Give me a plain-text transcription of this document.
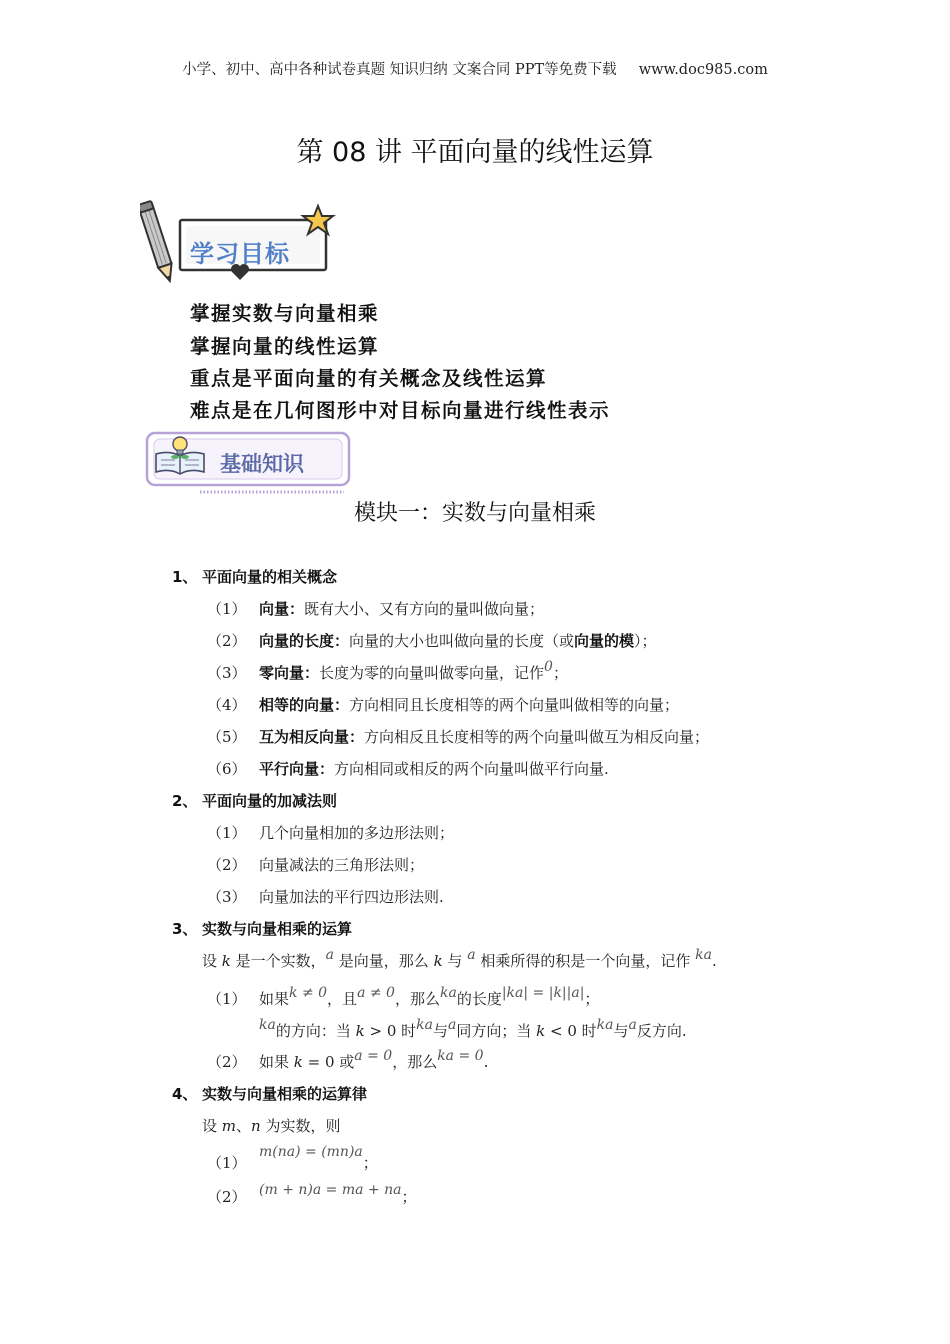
小学、初中、高中各种试卷真题 知识归纳 文案合同 PPT等免费下载 www.doc985.com
第 08 讲 平面向量的线性运算
学习目标
掌握实数与向量相乘
掌握向量的线性运算
重点是平面向量的有关概念及线性运算
难点是在几何图形中对目标向量进行线性表示
基础知识
模块一：实数与向量相乘
1、 平面向量的相关概念
（1） 向量：既有大小、又有方向的量叫做向量；
（2） 向量的长度：向量的大小也叫做向量的长度（或向量的模）；
（3） 零向量：长度为零的向量叫做零向量，记作0；
（4） 相等的向量：方向相同且长度相等的两个向量叫做相等的向量；
（5） 互为相反向量：方向相反且长度相等的两个向量叫做互为相反向量；
（6） 平行向量：方向相同或相反的两个向量叫做平行向量.
2、 平面向量的加减法则
（1） 几个向量相加的多边形法则；
（2） 向量减法的三角形法则；
（3） 向量加法的平行四边形法则.
3、 实数与向量相乘的运算
设 k 是一个实数，a 是向量，那么 k 与 a 相乘所得的积是一个向量，记作 ka.
（1） 如果k ≠ 0，且a ≠ 0，那么ka的长度|ka| = |k||a|；
ka的方向：当 k > 0 时ka与a同方向；当 k < 0 时ka与a反方向.
（2） 如果 k = 0 或a = 0，那么ka = 0.
4、 实数与向量相乘的运算律
设 m、n 为实数，则
（1）m(na) = (mn)a；
（2） (m + n)a = ma + na；
